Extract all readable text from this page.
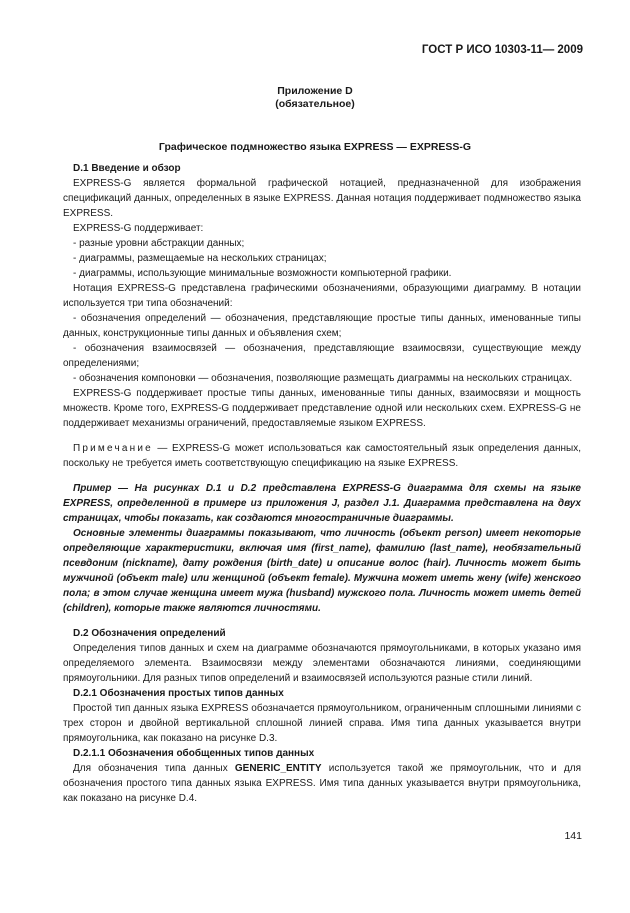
ГОСТ Р ИСО 10303-11— 2009
Приложение D
(обязательное)
Графическое подмножество языка EXPRESS — EXPRESS-G

D.1 Введение и обзор

EXPRESS-G является формальной графической нотацией, предназначенной для изображения спецификаций данных, определенных в языке EXPRESS. Данная нотация поддерживает подмножество языка EXPRESS.

EXPRESS-G поддерживает:

- разные уровни абстракции данных;

- диаграммы, размещаемые на нескольких страницах;

- диаграммы, использующие минимальные возможности компьютерной графики.

Нотация EXPRESS-G представлена графическими обозначениями, образующими диаграмму. В нотации используется три типа обозначений:

- обозначения определений — обозначения, представляющие простые типы данных, именованные типы данных, конструкционные типы данных и объявления схем;

- обозначения взаимосвязей — обозначения, представляющие взаимосвязи, существующие между определениями;

- обозначения компоновки — обозначения, позволяющие размещать диаграммы на нескольких страницах.

EXPRESS-G поддерживает простые типы данных, именованные типы данных, взаимосвязи и мощность множеств. Кроме того, EXPRESS-G поддерживает представление одной или нескольких схем. EXPRESS-G не поддерживает механизмы ограничений, предоставляемые языком EXPRESS.

Примечание — EXPRESS-G может использоваться как самостоятельный язык определения данных, поскольку не требуется иметь соответствующую спецификацию на языке EXPRESS.

Пример — На рисунках D.1 и D.2 представлена EXPRESS-G диаграмма для схемы на языке EXPRESS, определенной в примере из приложения J, раздел J.1. Диаграмма представлена на двух страницах, чтобы показать, как создаются многостраничные диаграммы.

Основные элементы диаграммы показывают, что личность (объект person) имеет некоторые определяющие характеристики, включая имя (first_name), фамилию (last_name), необязательный псевдоним (nickname), дату рождения (birth_date) и описание волос (hair). Личность может быть мужчиной (объект male) или женщиной (объект female). Мужчина может иметь жену (wife) женского пола; в этом случае женщина имеет мужа (husband) мужского пола. Личность может иметь детей (children), которые также являются личностями.

D.2 Обозначения определений

Определения типов данных и схем на диаграмме обозначаются прямоугольниками, в которых указано имя определяемого элемента. Взаимосвязи между элементами обозначаются линиями, соединяющими прямоугольники. Для разных типов определений и взаимосвязей используются разные стили линий.

D.2.1 Обозначения простых типов данных

Простой тип данных языка EXPRESS обозначается прямоугольником, ограниченным сплошными линиями с трех сторон и двойной вертикальной сплошной линией справа. Имя типа данных указывается внутри прямоугольника, как показано на рисунке D.3.

D.2.1.1 Обозначения обобщенных типов данных

Для обозначения типа данных GENERIC_ENTITY используется такой же прямоугольник, что и для обозначения простого типа данных языка EXPRESS. Имя типа данных указывается внутри прямоугольника, как показано на рисунке D.4.

141
